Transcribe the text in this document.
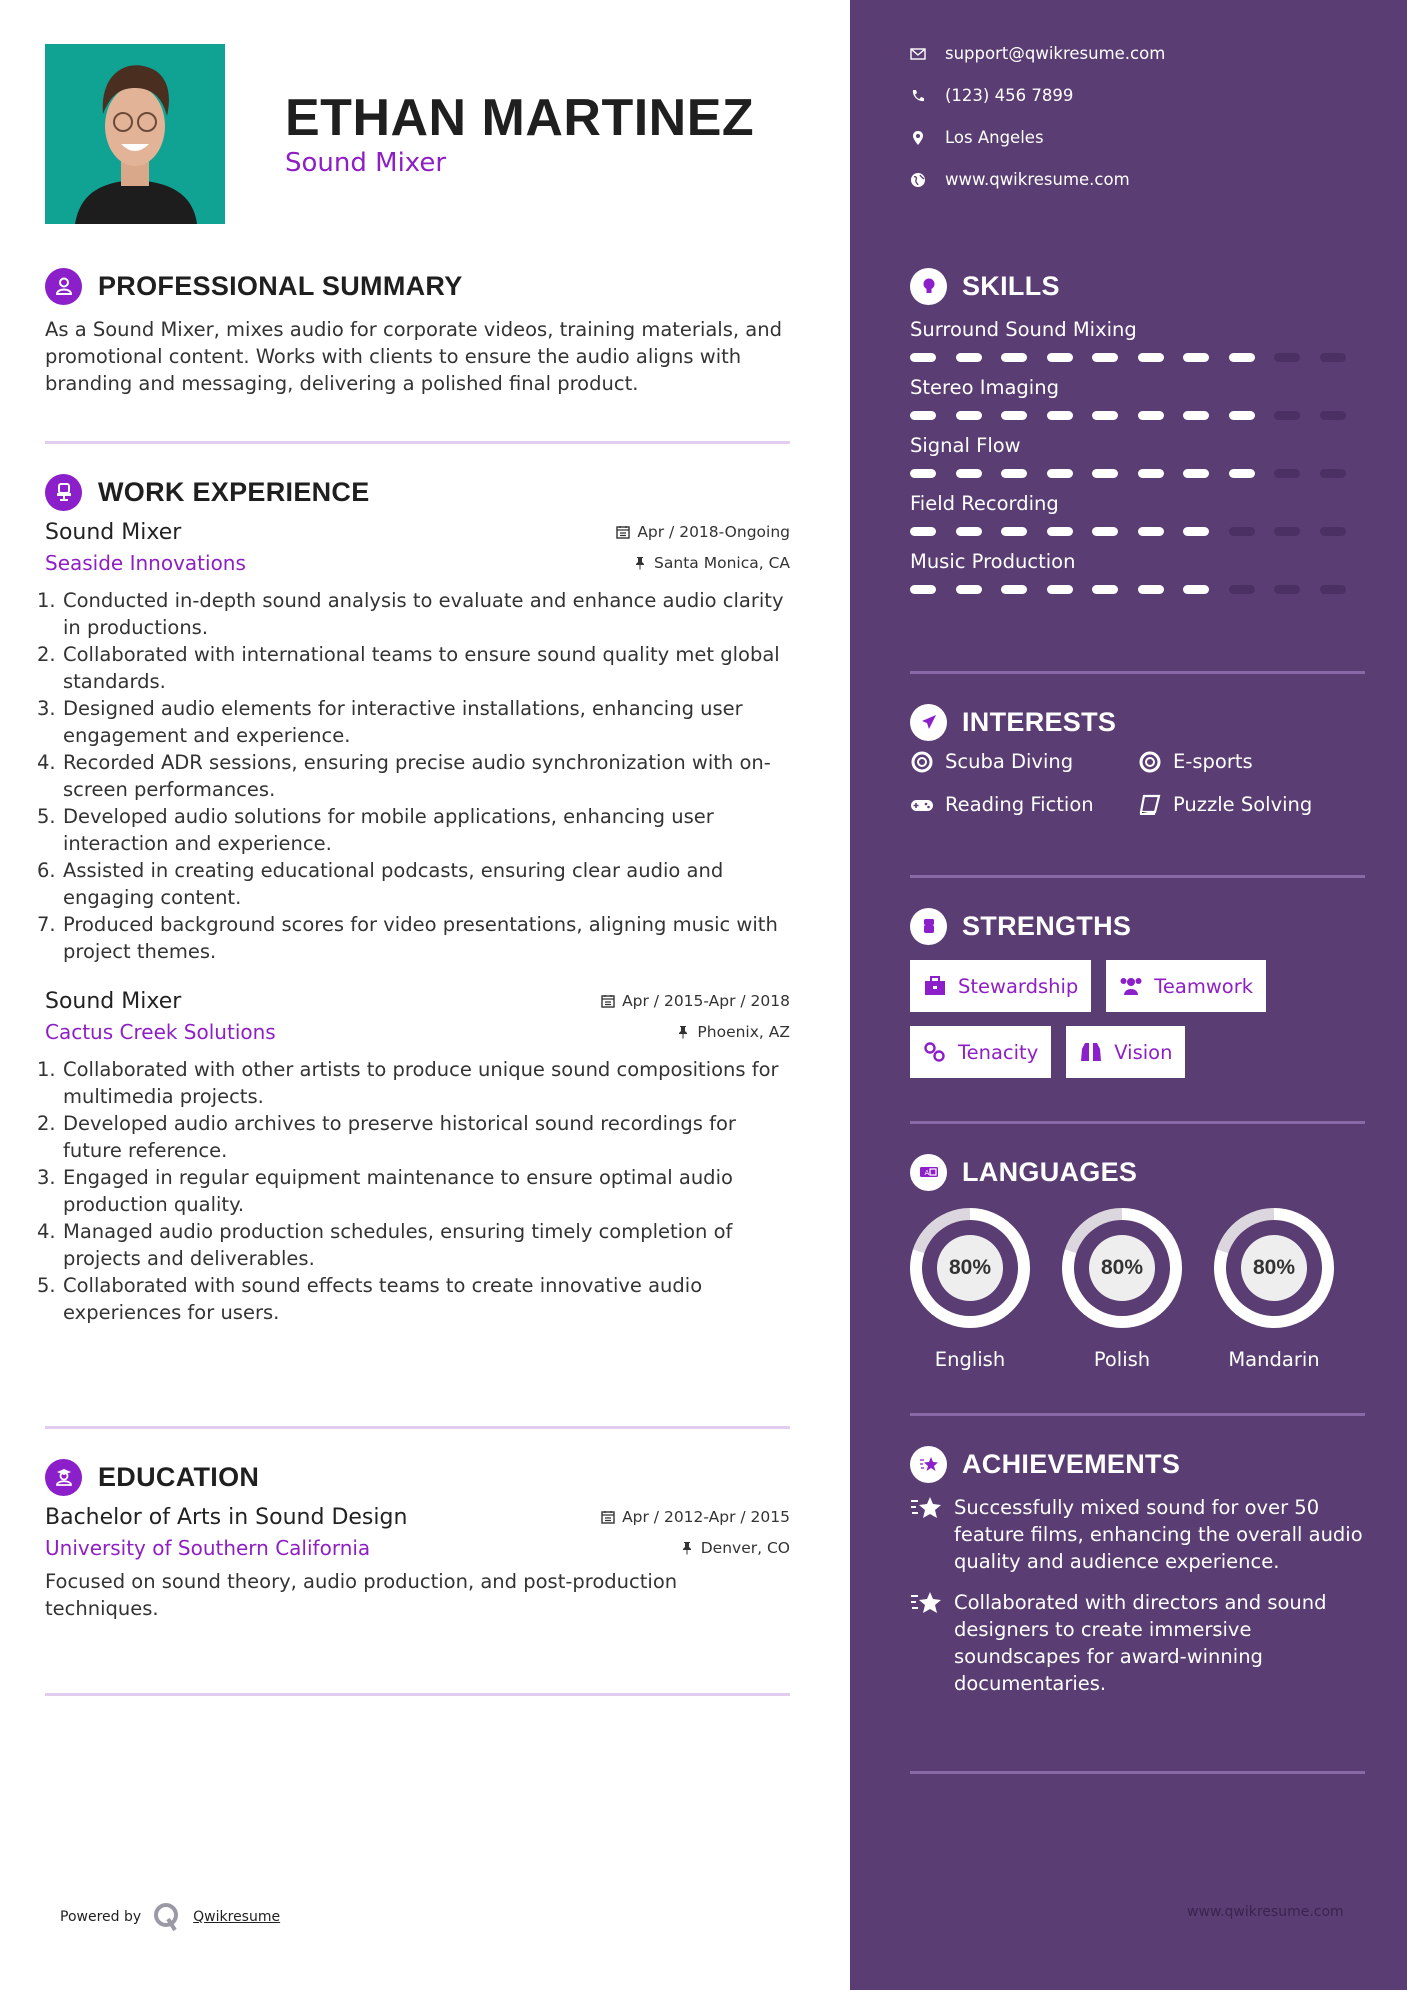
ETHAN MARTINEZ
Sound Mixer
PROFESSIONAL SUMMARY
As a Sound Mixer, mixes audio for corporate videos, training materials, and promotional content. Works with clients to ensure the audio aligns with branding and messaging, delivering a polished final product.
WORK EXPERIENCE
Sound Mixer	Apr / 2018-Ongoing
Seaside Innovations	Santa Monica, CA
1. Conducted in-depth sound analysis to evaluate and enhance audio clarity in productions.
2. Collaborated with international teams to ensure sound quality met global standards.
3. Designed audio elements for interactive installations, enhancing user engagement and experience.
4. Recorded ADR sessions, ensuring precise audio synchronization with on-screen performances.
5. Developed audio solutions for mobile applications, enhancing user interaction and experience.
6. Assisted in creating educational podcasts, ensuring clear audio and engaging content.
7. Produced background scores for video presentations, aligning music with project themes.
Sound Mixer	Apr / 2015-Apr / 2018
Cactus Creek Solutions	Phoenix, AZ
1. Collaborated with other artists to produce unique sound compositions for multimedia projects.
2. Developed audio archives to preserve historical sound recordings for future reference.
3. Engaged in regular equipment maintenance to ensure optimal audio production quality.
4. Managed audio production schedules, ensuring timely completion of projects and deliverables.
5. Collaborated with sound effects teams to create innovative audio experiences for users.
EDUCATION
Bachelor of Arts in Sound Design	Apr / 2012-Apr / 2015
University of Southern California	Denver, CO
Focused on sound theory, audio production, and post-production techniques.
Powered by	Qwikresume
support@qwikresume.com
(123) 456 7899
Los Angeles
www.qwikresume.com
SKILLS
Surround Sound Mixing
Stereo Imaging
Signal Flow
Field Recording
Music Production
INTERESTS
Scuba Diving	E-sports
Reading Fiction	Puzzle Solving
STRENGTHS
Stewardship	Teamwork
Tenacity	Vision
A LANGUAGES
80%
English
80%
Polish
80%
Mandarin
ACHIEVEMENTS
Successfully mixed sound for over 50 feature films, enhancing the overall audio quality and audience experience.
Collaborated with directors and sound designers to create immersive soundscapes for award-winning documentaries.
www.qwikresume.com
